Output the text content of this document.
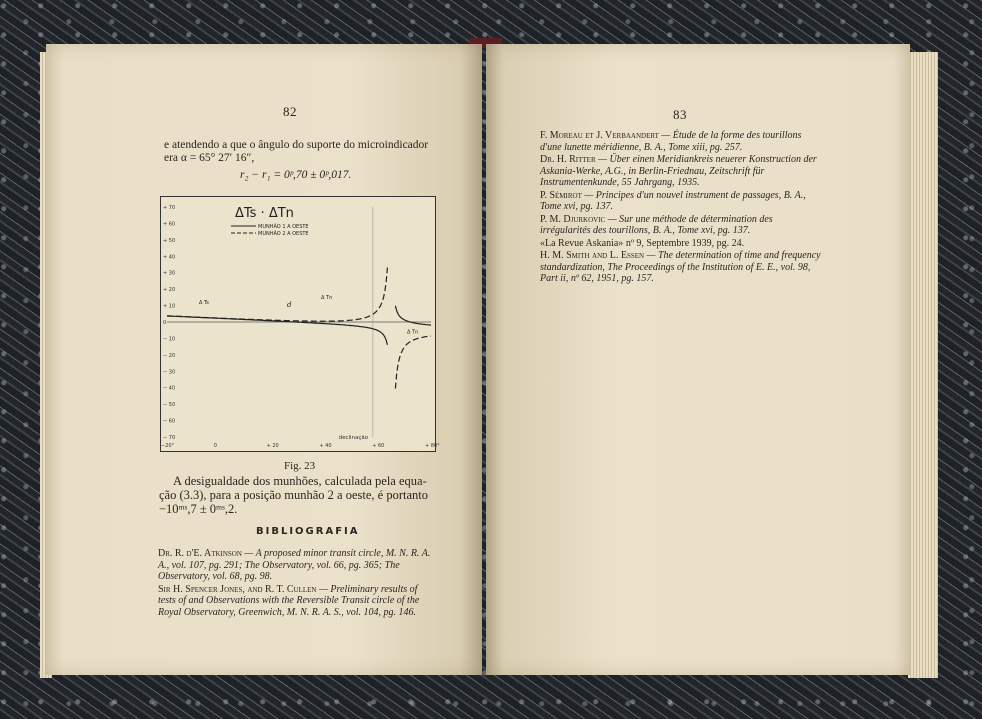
82
e atendendo a que o ângulo do suporte do microindicador
era α = 65° 27′ 16″,
r₂ − r₁ = 0ᵖ,70 ± 0ᵖ,017.
+ 70
+ 60
+ 50
+ 40
+ 30
+ 20
+ 10
0
− 10
− 20
− 30
− 40
− 50
− 60
− 70
−20°	0	+ 20	+ 40	+ 60	+ 80°
declinação
ΔTs · ΔTn
MUNHÃO 1 A OESTE
MUNHÃO 2 A OESTE
Δ Ts
Δ Tn
Δ Tn
d
Fig. 23
A desigualdade dos munhões, calculada pela equa-
ção (3.3), para a posição munhão 2 a oeste, é portanto
−10ᵐˢ,7 ± 0ᵐˢ,2.
BIBLIOGRAFIA
Dr. R. d'E. Atkinson — A proposed minor transit circle, M. N. R. A. A., vol. 107, pg. 291; The Observatory, vol. 66, pg. 365; The Observatory, vol. 68, pg. 98.
Sir H. Spencer Jones, and R. T. Cullen — Preliminary results of tests of and Observations with the Reversible Transit circle of the Royal Observatory, Greenwich, M. N. R. A. S., vol. 104, pg. 146.
83
F. Moreau et J. Verbaandert — Étude de la forme des tourillons d'une lunette méridienne, B. A., Tome xiii, pg. 257.
Dr. H. Ritter — Über einen Meridiankreis neuerer Konstruction der Askania-Werke, A.G., in Berlin-Friednau, Zeitschrift für Instrumentenkunde, 55 Jahrgang, 1935.
P. Sémirot — Principes d'un nouvel instrument de passages, B. A., Tome xvi, pg. 137.
P. M. Djurkovic — Sur une méthode de détermination des irrégularités des tourillons, B. A., Tome xvi, pg. 137.
«La Revue Askania» nº 9, Septembre 1939, pg. 24.
H. M. Smith and L. Essen — The determination of time and frequency standardization, The Proceedings of the Institution of E. E., vol. 98, Part ii, nº 62, 1951, pg. 157.
